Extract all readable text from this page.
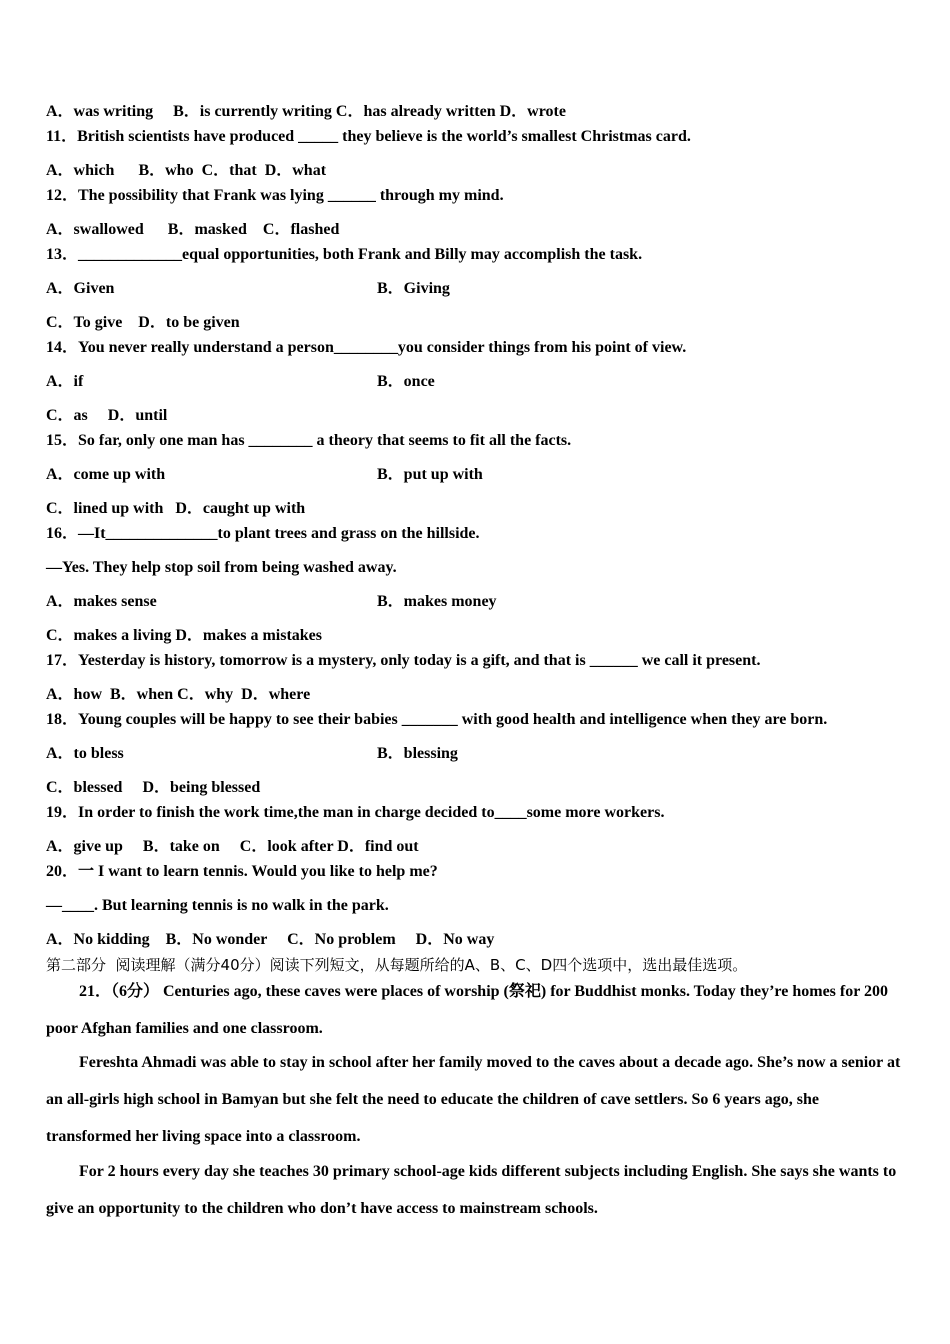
A．was writing     B．is currently writing C．has already written D．wrote
11．British scientists have produced _____ they believe is the world’s smallest Christmas card.
A．which      B．who  C．that  D．what
12．The possibility that Frank was lying ______ through my mind.
A．swallowed      B．masked    C．flashed
13．_____________equal opportunities, both Frank and Billy may accomplish the task.
A．Given	B．Giving
C．To give    D．to be given
14．You never really understand a person________you consider things from his point of view.
A．if	B．once
C．as     D．until
15．So far, only one man has ________ a theory that seems to fit all the facts.
A．come up with	B．put up with
C．lined up with   D．caught up with
16．—It______________to plant trees and grass on the hillside.
—Yes. They help stop soil from being washed away.
A．makes sense	B．makes money
C．makes a living D．makes a mistakes
17．Yesterday is history, tomorrow is a mystery, only today is a gift, and that is ______ we call it present.
A．how  B．when C．why  D．where
18．Young couples will be happy to see their babies _______ with good health and intelligence when they are born.
A．to bless	B．blessing
C．blessed     D．being blessed
19．In order to finish the work time,the man in charge decided to____some more workers.
A．give up     B．take on     C．look after D．find out
20．一 I want to learn tennis. Would you like to help me?
—____. But learning tennis is no walk in the park.
A．No kidding    B．No wonder     C．No problem     D．No way
第二部分  阅读理解（满分40分）阅读下列短文，从每题所给的A、B、C、D四个选项中，选出最佳选项。
21．（6分） Centuries ago, these caves were places of worship (祭祀) for Buddhist monks. Today they’re homes for 200 poor Afghan families and one classroom.
Fereshta Ahmadi was able to stay in school after her family moved to the caves about a decade ago. She’s now a senior at an all-girls high school in Bamyan but she felt the need to educate the children of cave settlers. So 6 years ago, she transformed her living space into a classroom.
For 2 hours every day she teaches 30 primary school-age kids different subjects including English. She says she wants to give an opportunity to the children who don’t have access to mainstream schools.
